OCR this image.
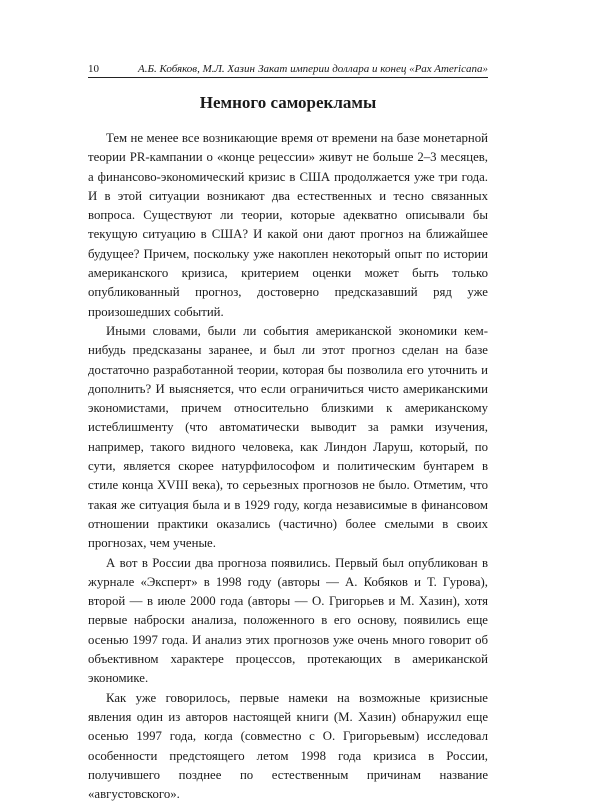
10	А.Б. Кобяков, М.Л. Хазин Закат империи доллара и конец «Pax Americana»
Немного саморекламы

Тем не менее все возникающие время от времени на базе монетарной теории PR-кампании о «конце рецессии» живут не больше 2–3 месяцев, а финансово-экономический кризис в США продолжается уже три года. И в этой ситуации возникают два естественных и тесно связанных вопроса. Существуют ли теории, которые адекватно описывали бы текущую ситуацию в США? И какой они дают прогноз на ближайшее будущее? Причем, поскольку уже накоплен некоторый опыт по истории американского кризиса, критерием оценки может быть только опубликованный прогноз, достоверно предсказавший ряд уже произошедших событий.

Иными словами, были ли события американской экономики кем-нибудь предсказаны заранее, и был ли этот прогноз сделан на базе достаточно разработанной теории, которая бы позволила его уточнить и дополнить? И выясняется, что если ограничиться чисто американскими экономистами, причем относительно близкими к американскому истеблишменту (что автоматически выводит за рамки изучения, например, такого видного человека, как Линдон Ларуш, который, по сути, является скорее натурфилософом и политическим бунтарем в стиле конца XVIII века), то серьезных прогнозов не было. Отметим, что такая же ситуация была и в 1929 году, когда независимые в финансовом отношении практики оказались (частично) более смелыми в своих прогнозах, чем ученые.

А вот в России два прогноза появились. Первый был опубликован в журнале «Эксперт» в 1998 году (авторы — А. Кобяков и Т. Гурова), второй — в июле 2000 года (авторы — О. Григорьев и М. Хазин), хотя первые наброски анализа, положенного в его основу, появились еще осенью 1997 года. И анализ этих прогнозов уже очень много говорит об объективном характере процессов, протекающих в американской экономике.

Как уже говорилось, первые намеки на возможные кризисные явления один из авторов настоящей книги (М. Хазин) обнаружил еще осенью 1997 года, когда (совместно с О. Григорьевым) исследовал особенности предстоящего летом 1998 года кризиса в России, получившего позднее по естественным причинам название «августовского».
